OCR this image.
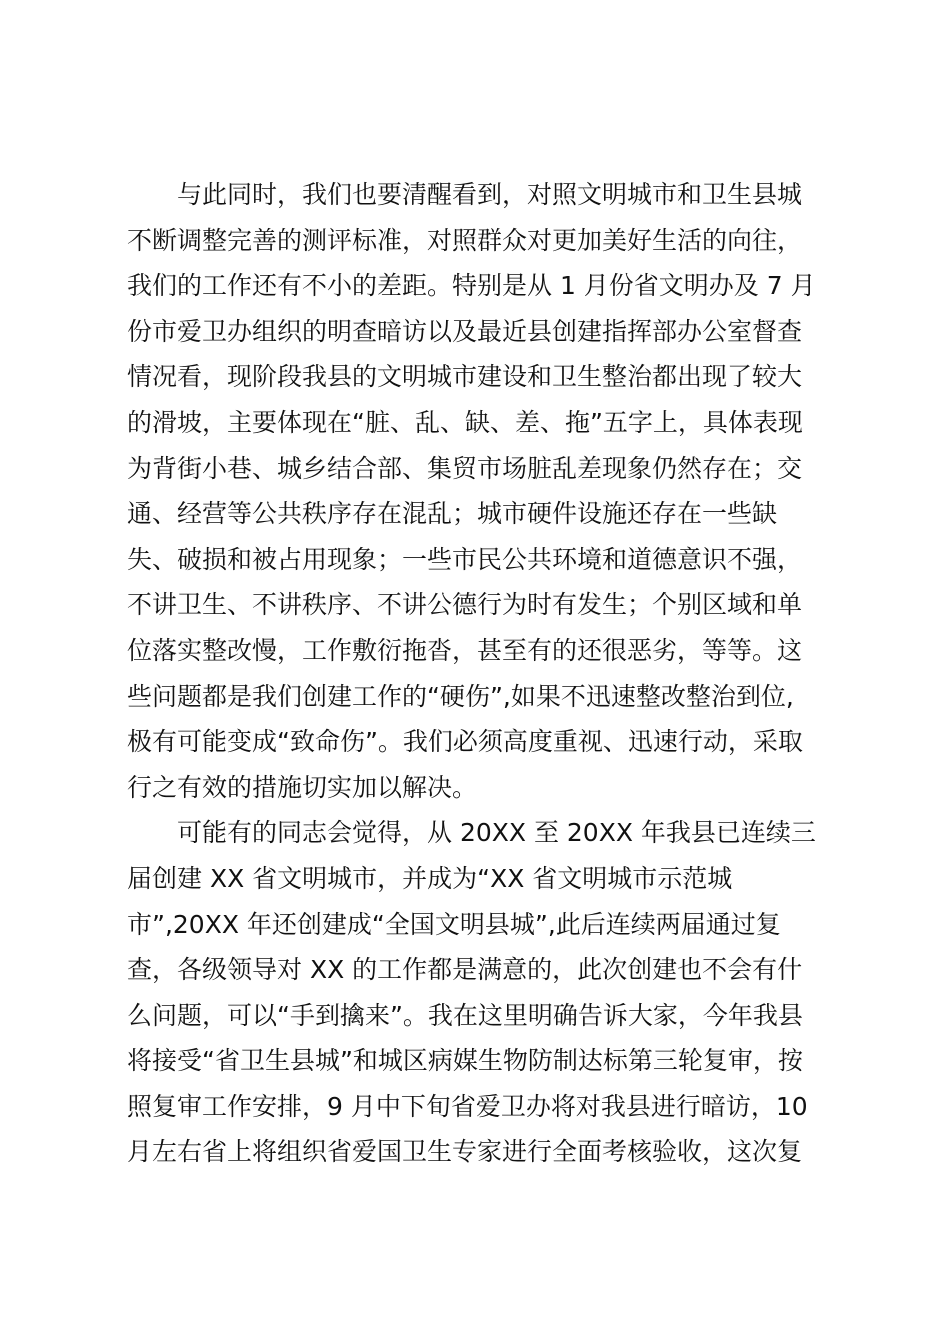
与此同时，我们也要清醒看到，对照文明城市和卫生县城
不断调整完善的测评标准，对照群众对更加美好生活的向往，
我们的工作还有不小的差距。特别是从 1 月份省文明办及 7 月
份市爱卫办组织的明查暗访以及最近县创建指挥部办公室督查
情况看，现阶段我县的文明城市建设和卫生整治都出现了较大
的滑坡，主要体现在“脏、乱、缺、差、拖”五字上，具体表现
为背街小巷、城乡结合部、集贸市场脏乱差现象仍然存在；交
通、经营等公共秩序存在混乱；城市硬件设施还存在一些缺
失、破损和被占用现象；一些市民公共环境和道德意识不强，
不讲卫生、不讲秩序、不讲公德行为时有发生；个别区域和单
位落实整改慢，工作敷衍拖沓，甚至有的还很恶劣，等等。这
些问题都是我们创建工作的“硬伤”,如果不迅速整改整治到位,
极有可能变成“致命伤”。我们必须高度重视、迅速行动，采取
行之有效的措施切实加以解决。
可能有的同志会觉得，从 20XX 至 20XX 年我县已连续三
届创建 XX 省文明城市，并成为“XX 省文明城市示范城
市”,20XX 年还创建成“全国文明县城”,此后连续两届通过复
查，各级领导对 XX 的工作都是满意的，此次创建也不会有什
么问题，可以“手到擒来”。我在这里明确告诉大家，今年我县
将接受“省卫生县城”和城区病媒生物防制达标第三轮复审，按
照复审工作安排，9 月中下旬省爱卫办将对我县进行暗访，10
月左右省上将组织省爱国卫生专家进行全面考核验收，这次复
